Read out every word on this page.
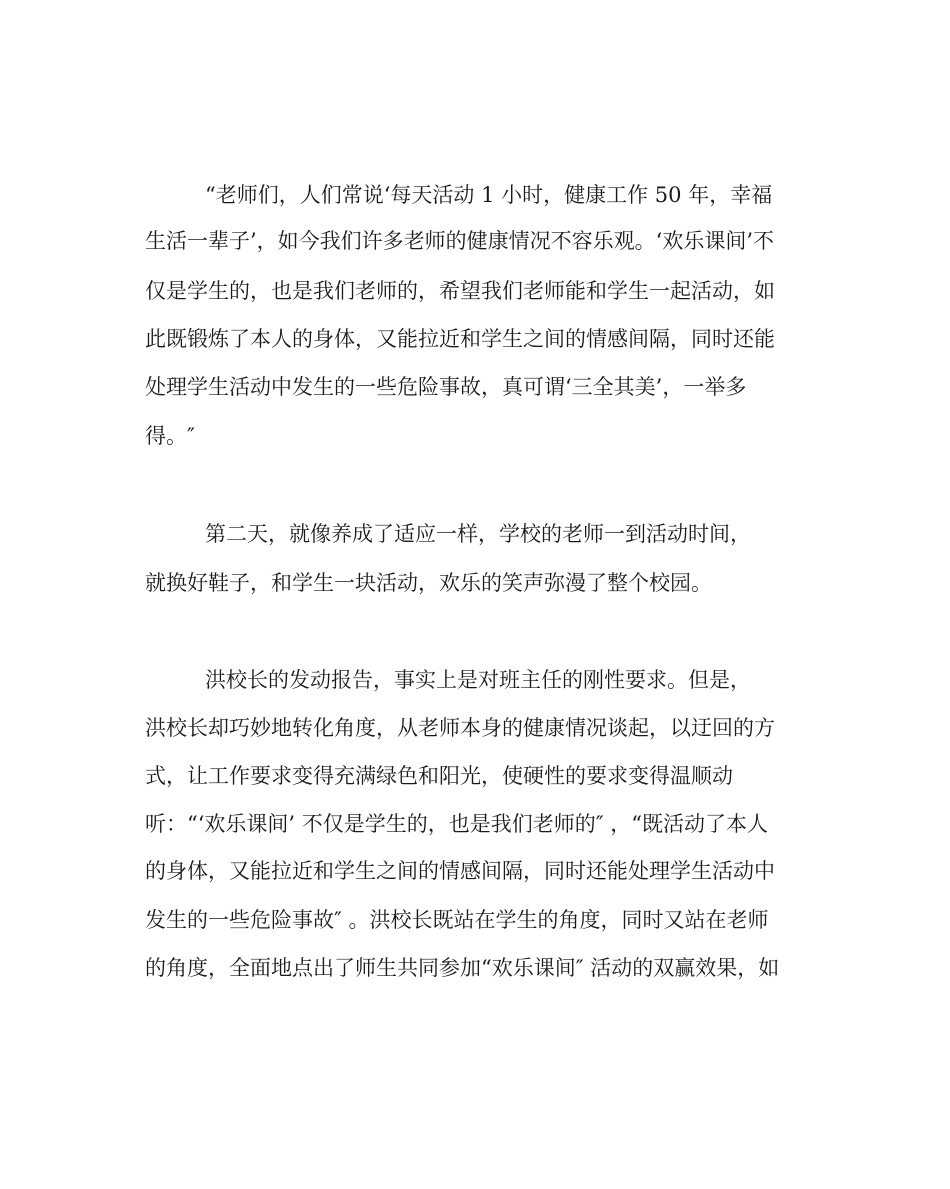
“老师们，人们常说‘每天活动 1 小时，健康工作 50 年，幸福
生活一辈子’，如今我们许多老师的健康情况不容乐观。‘欢乐课间’不
仅是学生的，也是我们老师的，希望我们老师能和学生一起活动，如
此既锻炼了本人的身体，又能拉近和学生之间的情感间隔，同时还能
处理学生活动中发生的一些危险事故，真可谓‘三全其美’，一举多
得。″
第二天，就像养成了适应一样，学校的老师一到活动时间，
就换好鞋子，和学生一块活动，欢乐的笑声弥漫了整个校园。
洪校长的发动报告，事实上是对班主任的刚性要求。但是，
洪校长却巧妙地转化角度，从老师本身的健康情况谈起，以迂回的方
式，让工作要求变得充满绿色和阳光，使硬性的要求变得温顺动
听：“‘欢乐课间’ 不仅是学生的，也是我们老师的″ ，“既活动了本人
的身体，又能拉近和学生之间的情感间隔，同时还能处理学生活动中
发生的一些危险事故″ 。洪校长既站在学生的角度，同时又站在老师
的角度，全面地点出了师生共同参加“欢乐课间″ 活动的双赢效果，如
